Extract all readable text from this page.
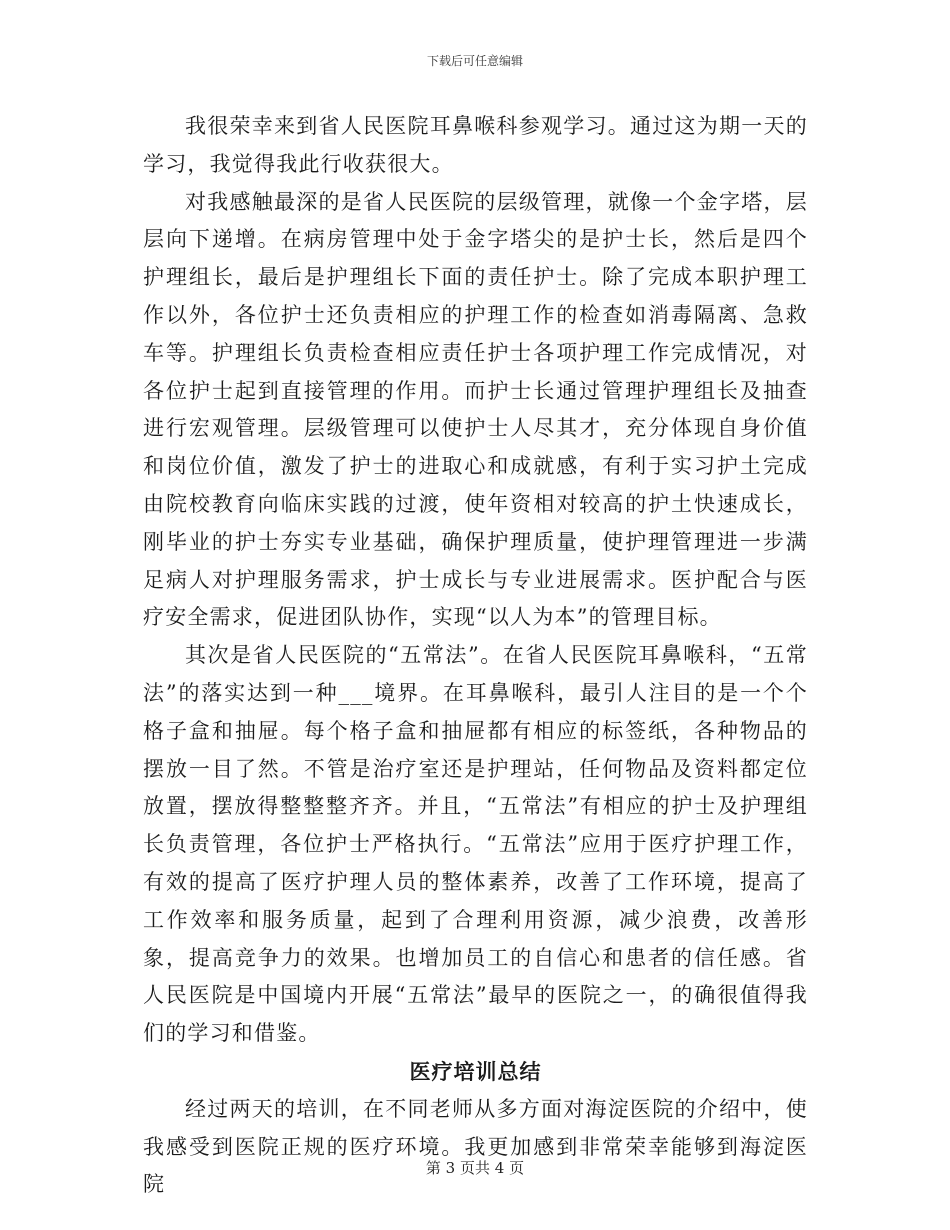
下载后可任意编辑

我很荣幸来到省人民医院耳鼻喉科参观学习。通过这为期一天的学习，我觉得我此行收获很大。

对我感触最深的是省人民医院的层级管理，就像一个金字塔，层层向下递增。在病房管理中处于金字塔尖的是护士长，然后是四个护理组长，最后是护理组长下面的责任护士。除了完成本职护理工作以外，各位护士还负责相应的护理工作的检查如消毒隔离、急救车等。护理组长负责检查相应责任护士各项护理工作完成情况，对各位护士起到直接管理的作用。而护士长通过管理护理组长及抽查进行宏观管理。层级管理可以使护士人尽其才，充分体现自身价值和岗位价值，激发了护士的进取心和成就感，有利于实习护土完成由院校教育向临床实践的过渡，使年资相对较高的护土快速成长，刚毕业的护士夯实专业基础，确保护理质量，使护理管理进一步满足病人对护理服务需求，护士成长与专业进展需求。医护配合与医疗安全需求，促进团队协作，实现“以人为本”的管理目标。

其次是省人民医院的“五常法”。在省人民医院耳鼻喉科，“五常法”的落实达到一种___境界。在耳鼻喉科，最引人注目的是一个个格子盒和抽屉。每个格子盒和抽屉都有相应的标签纸，各种物品的摆放一目了然。不管是治疗室还是护理站，任何物品及资料都定位放置，摆放得整整整齐齐。并且，“五常法”有相应的护士及护理组长负责管理，各位护士严格执行。“五常法”应用于医疗护理工作，有效的提高了医疗护理人员的整体素养，改善了工作环境，提高了工作效率和服务质量，起到了合理利用资源，减少浪费，改善形象，提高竞争力的效果。也增加员工的自信心和患者的信任感。省人民医院是中国境内开展“五常法”最早的医院之一，的确很值得我们的学习和借鉴。

医疗培训总结

经过两天的培训，在不同老师从多方面对海淀医院的介绍中，使我感受到医院正规的医疗环境。我更加感到非常荣幸能够到海淀医院

第 3 页共 4 页
